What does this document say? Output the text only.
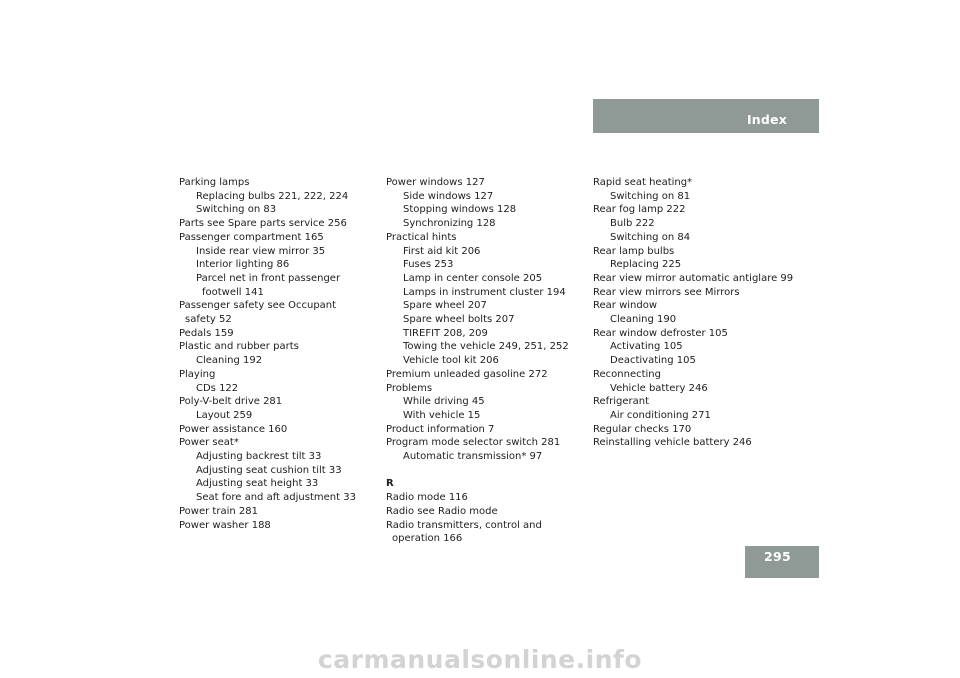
Index
Parking lamps
Replacing bulbs 221, 222, 224
Switching on 83
Parts see Spare parts service 256
Passenger compartment 165
Inside rear view mirror 35
Interior lighting 86
Parcel net in front passenger
footwell 141
Passenger safety see Occupant
safety 52
Pedals 159
Plastic and rubber parts
Cleaning 192
Playing
CDs 122
Poly-V-belt drive 281
Layout 259
Power assistance 160
Power seat*
Adjusting backrest tilt 33
Adjusting seat cushion tilt 33
Adjusting seat height 33
Seat fore and aft adjustment 33
Power train 281
Power washer 188
Power windows 127
Side windows 127
Stopping windows 128
Synchronizing 128
Practical hints
First aid kit 206
Fuses 253
Lamp in center console 205
Lamps in instrument cluster 194
Spare wheel 207
Spare wheel bolts 207
TIREFIT 208, 209
Towing the vehicle 249, 251, 252
Vehicle tool kit 206
Premium unleaded gasoline 272
Problems
While driving 45
With vehicle 15
Product information 7
Program mode selector switch 281
Automatic transmission* 97
R
Radio mode 116
Radio see Radio mode
Radio transmitters, control and
operation 166
Rapid seat heating*
Switching on 81
Rear fog lamp 222
Bulb 222
Switching on 84
Rear lamp bulbs
Replacing 225
Rear view mirror automatic antiglare 99
Rear view mirrors see Mirrors
Rear window
Cleaning 190
Rear window defroster 105
Activating 105
Deactivating 105
Reconnecting
Vehicle battery 246
Refrigerant
Air conditioning 271
Regular checks 170
Reinstalling vehicle battery 246
295
carmanualsonline.info
